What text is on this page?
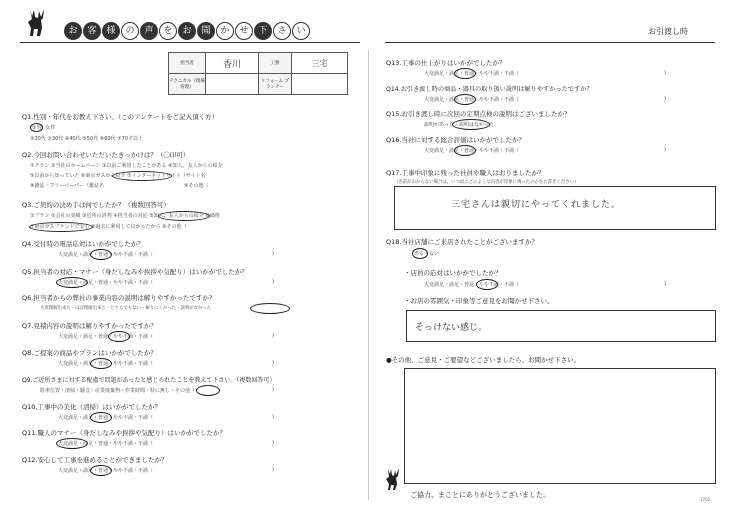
お	客	様	の	声	を	お	聞	か	せ	下	さ	い	お引渡し時
担当者	香川	工務	三宅
テクニカル（現場管理）		リフォーム プランナー	
Q1.性別・年代をお教え下さい。（このアンケートをご記入頂く方）
①男 女性
②20代 ③30代 ④40代 ⑤50代 ⑥60代 ⑦70才以上
Q2.今回お問い合わせいただいたきっかけは？（〇印可）
①チラシ ②当社のホームページ ③以前ご利用したことがある ④知人、友人からの紹介
⑤以前から知っていた ⑥東京ガスから紹介 ⑦インターネットサイト（サイト名
⑧雑誌・フリーペーパー（雑誌名	⑨その他（
Q3.ご契約の決め手は何でしたか？（複数回答可）
①プラン ②会社の実績 ③近所の評判 ④担当者の対応 ⑤知人、友人からの紹介 ⑥価格
⑦東京ガスブランドで安心 ⑧過去に利用して良かったから ⑨その他（
Q4.受付時の電話応対はいかがでしたか？
大変満足・満足・普通・やや不満・不満（	)
Q5.担当者の対応・マナー（身だしなみや挨拶や気配り）はいかがでしたか？
大変満足・満足・普通・やや不満・不満（	)
Q6.担当者からの弊社の事業内容の説明は解りやすかったですか？
大変理解出来た・ほぼ理解出来た・どちらでもない・解りにくかった・説明がなかった
Q7.見積内容の説明は解りやすかったですか？
大変満足・満足・普通・やや不満・不満（	)
Q8.ご提案の商品やプランはいかがでしたか？
大変満足・満足・普通・やや不満・不満（	)
Q9.ご近所さまに対する配慮で問題があったと感じられたことを教えて下さい。（複数回答可）
駐車位置・清掃・騒音・産業廃棄物・作業時間・特に無し・その他（	)
Q10.工事中の美化（清掃）はいかがでしたか？
大変満足・満足・普通・やや不満・不満（	)
Q11.職人のマナー（身だしなみや挨拶や気配り）はいかがでしたか？
大変満足・満足・普通・やや不満・不満（	)
Q12.安心して工事を進めることができましたか？
大変満足・満足・普通・やや不満・不満（	)
Q13.工事の仕上がりはいかがでしたか？
大変満足・満足・普通・やや不満・不満（	)
Q14.お引き渡し時の商品・器具の取り扱い説明は解りやすかったですか？
大変満足・満足・普通・やや不満・不満（	)
Q15.お引き渡し時に次回の定期点検の説明はございましたか？
説明があった・説明はなかった
Q16.当社に対する総合評価はいかがでしたか？
大変満足・満足・普通・やや不満・不満（	)
Q17.工事中印象に残った社員や職人はおりましたか？
（名前がわからない場合は、いつ頃にどのような内容が印象に残ったのかをお書きください）
三宅さんは親切にやってくれました。
Q18.当社店舗にご来店されたことがございますか？
ある・ない
・店員の応対はいかがでしたか？
大変満足・満足・普通・やや不満・不満（	)
・お店の雰囲気・印象等ご意見をお聞かせ下さい。
そっけない感じ。
●その他、ご意見・ご要望などございましたら、お聞かせ下さい。
ご協力、まことにありがとうございました。
1701
